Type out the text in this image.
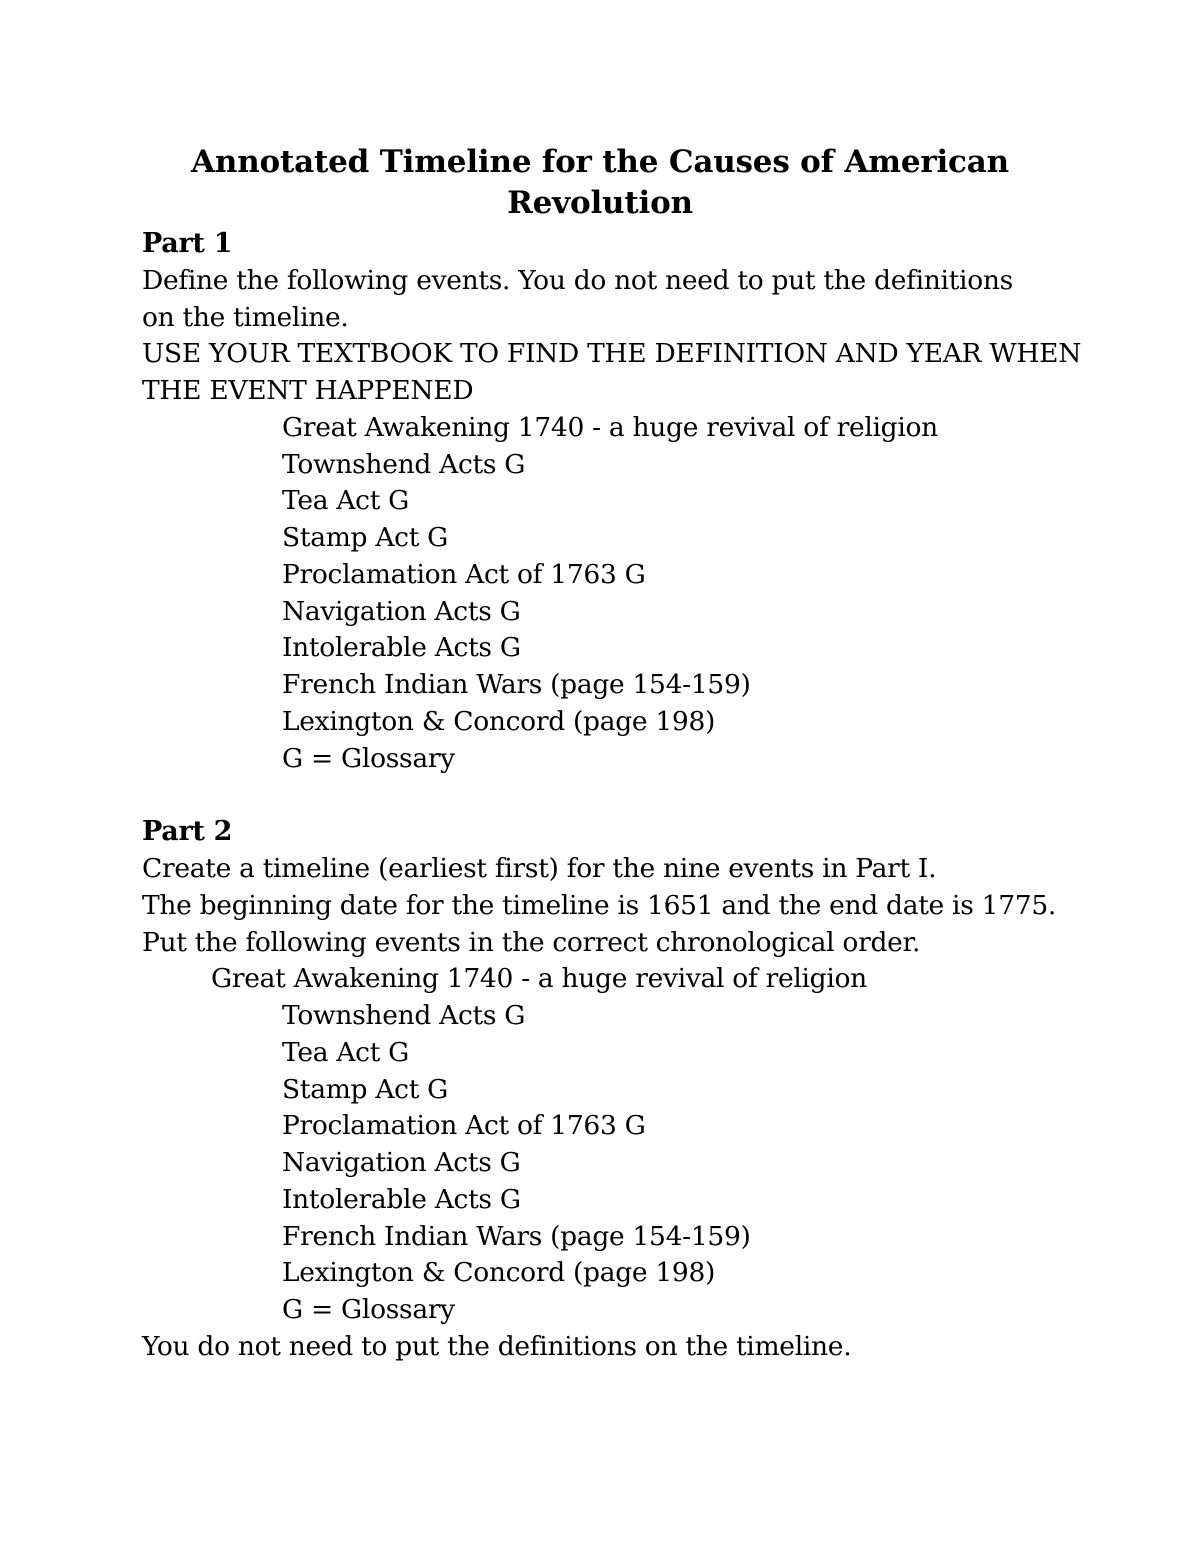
Annotated Timeline for the Causes of American
Revolution
Part 1
Define the following events. You do not need to put the definitions
on the timeline.
USE YOUR TEXTBOOK TO FIND THE DEFINITION AND YEAR WHEN
THE EVENT HAPPENED
Great Awakening 1740 - a huge revival of religion
Townshend Acts G
Tea Act G
Stamp Act G
Proclamation Act of 1763 G
Navigation Acts G
Intolerable Acts G
French Indian Wars (page 154-159)
Lexington & Concord (page 198)
G = Glossary
Part 2
Create a timeline (earliest first) for the nine events in Part I.
The beginning date for the timeline is 1651 and the end date is 1775.
Put the following events in the correct chronological order.
Great Awakening 1740 - a huge revival of religion
Townshend Acts G
Tea Act G
Stamp Act G
Proclamation Act of 1763 G
Navigation Acts G
Intolerable Acts G
French Indian Wars (page 154-159)
Lexington & Concord (page 198)
G = Glossary
You do not need to put the definitions on the timeline.
